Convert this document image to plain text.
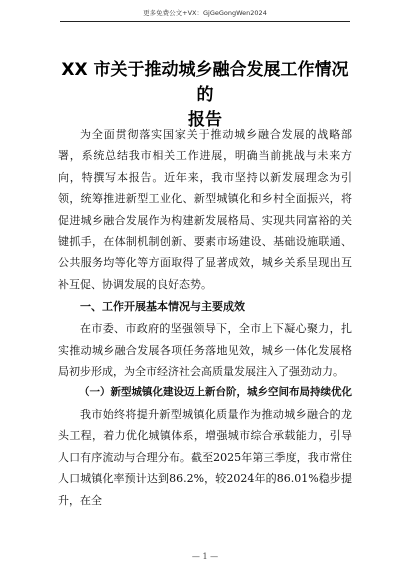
更多免费公文+VX：GjGeGongWen2024
XX 市关于推动城乡融合发展工作情况的
报告

为全面贯彻落实国家关于推动城乡融合发展的战略部署，系统总结我市相关工作进展，明确当前挑战与未来方向，特撰写本报告。近年来，我市坚持以新发展理念为引领，统筹推进新型工业化、新型城镇化和乡村全面振兴，将促进城乡融合发展作为构建新发展格局、实现共同富裕的关键抓手，在体制机制创新、要素市场建设、基础设施联通、公共服务均等化等方面取得了显著成效，城乡关系呈现出互补互促、协调发展的良好态势。

一、工作开展基本情况与主要成效

在市委、市政府的坚强领导下，全市上下凝心聚力，扎实推动城乡融合发展各项任务落地见效，城乡一体化发展格局初步形成，为全市经济社会高质量发展注入了强劲动力。

（一）新型城镇化建设迈上新台阶，城乡空间布局持续优化

我市始终将提升新型城镇化质量作为推动城乡融合的龙头工程，着力优化城镇体系，增强城市综合承载能力，引导人口有序流动与合理分布。截至2025年第三季度，我市常住人口城镇化率预计达到86.2%，较2024年的86.01%稳步提升，在全

— 1 —
